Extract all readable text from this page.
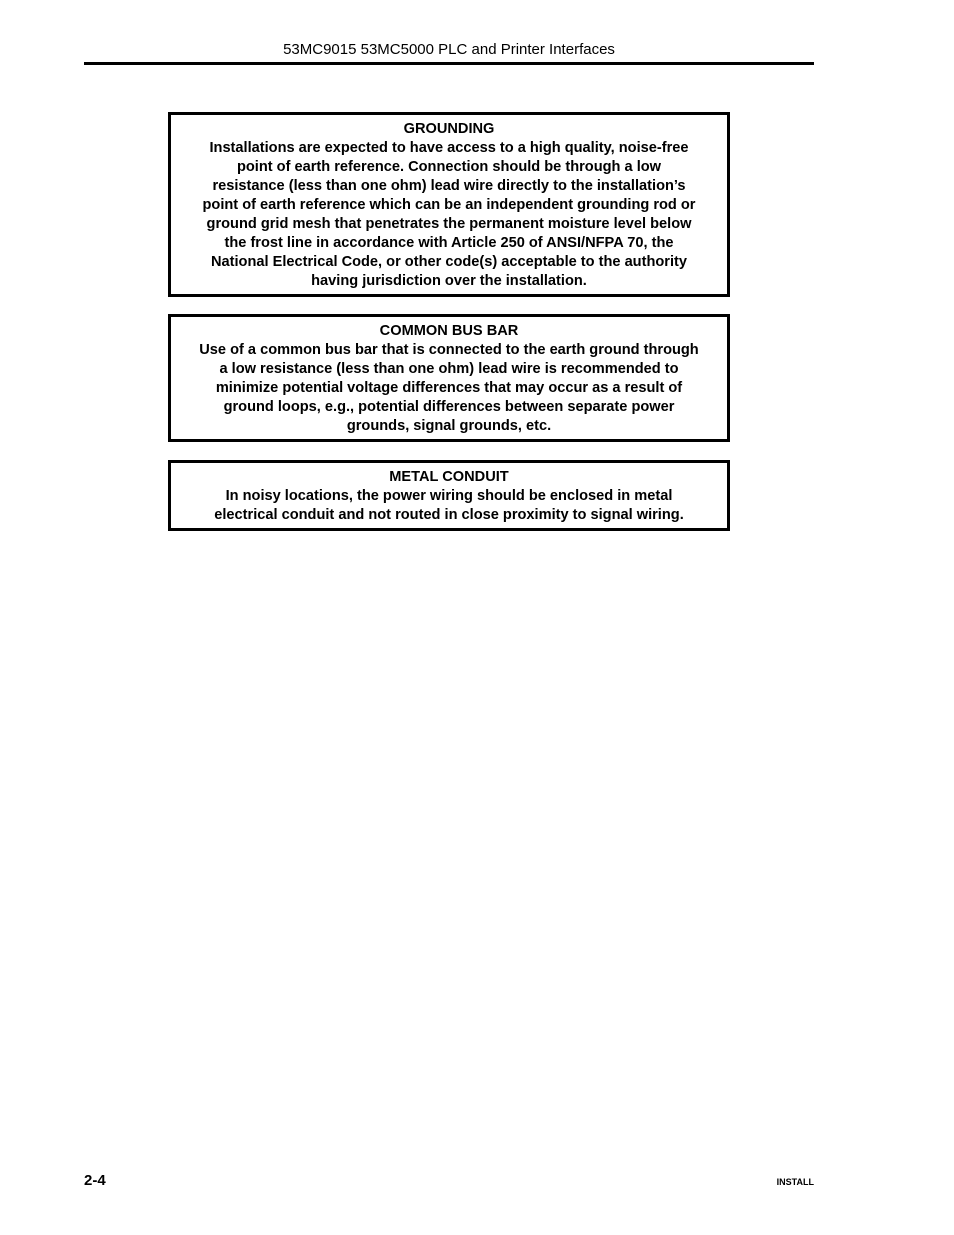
53MC9015 53MC5000 PLC and Printer Interfaces
GROUNDING
Installations are expected to have access to a high quality, noise-free
point of earth reference. Connection should be through a low
resistance (less than one ohm) lead wire directly to the installation’s
point of earth reference which can be an independent grounding rod or
ground grid mesh that penetrates the permanent moisture level below
the frost line in accordance with Article 250 of ANSI/NFPA 70, the
National Electrical Code, or other code(s) acceptable to the authority
having jurisdiction over the installation.
COMMON BUS BAR
Use of a common bus bar that is connected to the earth ground through
a low resistance (less than one ohm) lead wire is recommended to
minimize potential voltage differences that may occur as a result of
ground loops, e.g., potential differences between separate power
grounds, signal grounds, etc.
METAL CONDUIT
In noisy locations, the power wiring should be enclosed in metal
electrical conduit and not routed in close proximity to signal wiring.
2-4	INSTALL
